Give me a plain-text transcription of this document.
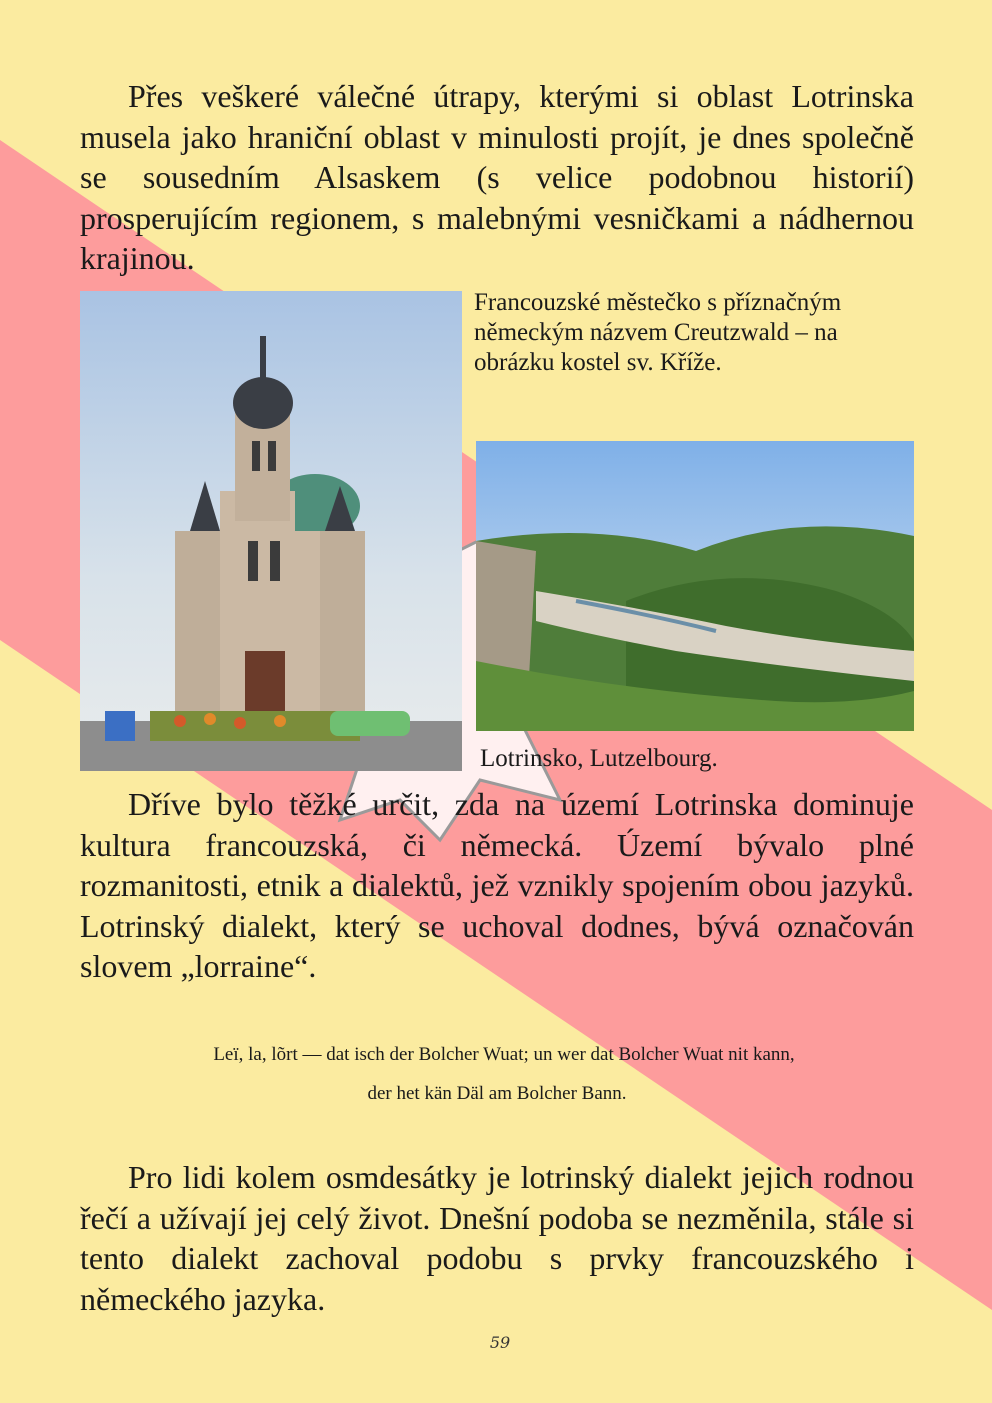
Přes veškeré válečné útrapy, kterými si oblast Lotrinska musela jako hraniční oblast v minulosti projít, je dnes společně se sousedním Alsaskem (s velice podobnou historií) prosperujícím regionem, s malebnými vesničkami a nádhernou krajinou.

Francouzské městečko s příznačným německým názvem Creutzwald – na obrázku kostel sv. Kříže.
Lotrinsko, Lutzelbourg.

Dříve bylo těžké určit, zda na území Lotrinska dominuje kultura francouzská, či německá. Území bývalo plné rozmanitosti, etnik a dialektů, jež vznikly spojením obou jazyků. Lotrinský dialekt, který se uchoval dodnes, bývá označován slovem „lorraine“.

Leï, la, lõrt — dat isch der Bolcher Wuat; un wer dat Bolcher Wuat nit kann,

der het kän Däl am Bolcher Bann.

Pro lidi kolem osmdesátky je lotrinský dialekt jejich rodnou řečí a užívají jej celý život. Dnešní podoba se nezměnila, stále si tento dialekt zachoval podobu s prvky francouzského i německého jazyka.

59
